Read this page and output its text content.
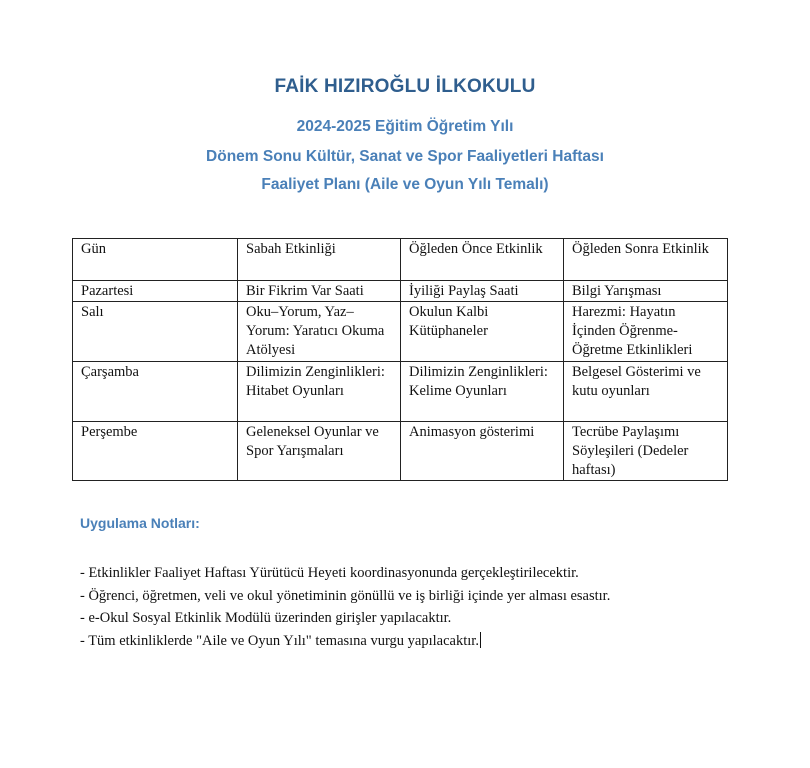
FAİK HIZIROĞLU İLKOKULU
2024-2025 Eğitim Öğretim Yılı
Dönem Sonu Kültür, Sanat ve Spor Faaliyetleri Haftası
Faaliyet Planı (Aile ve Oyun Yılı Temalı)
Gün	Sabah Etkinliği	Öğleden Önce Etkinlik	Öğleden Sonra Etkinlik
Pazartesi	Bir Fikrim Var Saati	İyiliği Paylaş Saati	Bilgi Yarışması
Salı	Oku–Yorum, Yaz–Yorum: Yaratıcı Okuma Atölyesi	Okulun Kalbi Kütüphaneler	Harezmi: Hayatın İçinden Öğrenme-Öğretme Etkinlikleri
Çarşamba	Dilimizin Zenginlikleri: Hitabet Oyunları	Dilimizin Zenginlikleri: Kelime Oyunları	Belgesel Gösterimi ve kutu oyunları
Perşembe	Geleneksel Oyunlar ve Spor Yarışmaları	Animasyon gösterimi	Tecrübe Paylaşımı Söyleşileri (Dedeler haftası)
Uygulama Notları:
- Etkinlikler Faaliyet Haftası Yürütücü Heyeti koordinasyonunda gerçekleştirilecektir.
- Öğrenci, öğretmen, veli ve okul yönetiminin gönüllü ve iş birliği içinde yer alması esastır.
- e-Okul Sosyal Etkinlik Modülü üzerinden girişler yapılacaktır.
- Tüm etkinliklerde "Aile ve Oyun Yılı" temasına vurgu yapılacaktır.
